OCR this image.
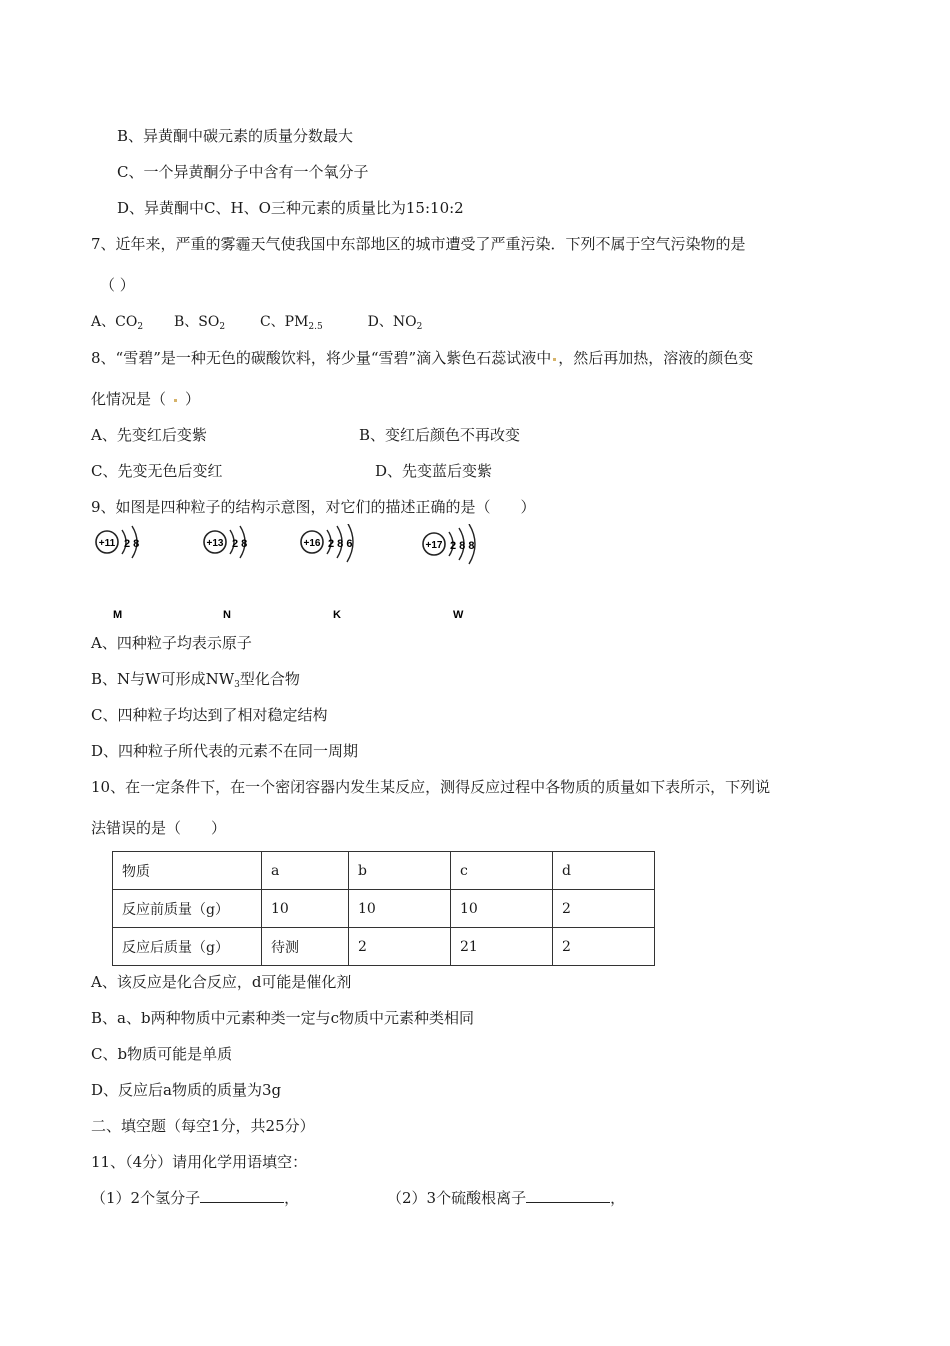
B、异黄酮中碳元素的质量分数最大
C、一个异黄酮分子中含有一个氧分子
D、异黄酮中C、H、O三种元素的质量比为15:10:2
7、近年来，严重的雾霾天气使我国中东部地区的城市遭受了严重污染．下列不属于空气污染物的是
（ ）
A、$CO_2$ B、$SO_2$ C、$PM_{2.5}$	D、$NO_2$
8、“雪碧”是一种无色的碳酸饮料，将少量“雪碧”滴入紫色石蕊试液中 ，然后再加热，溶液的颜色变
化情况是（ ）
A、先变红后变紫	B、变红后颜色不再改变
C、先变无色后变红	D、先变蓝后变紫
9、如图是四种粒子的结构示意图，对它们的描述正确的是（　　）
+11 2 8
M
+13 2 8
N
+16 2 8 6
K
+17 2 8 8
W
A、四种粒子均表示原子
B、N与W可形成$NW_3$型化合物
C、四种粒子均达到了相对稳定结构
D、四种粒子所代表的元素不在同一周期
10、在一定条件下，在一个密闭容器内发生某反应，测得反应过程中各物质的质量如下表所示，下列说
法错误的是（　　）
物质	a	b	c	d
反应前质量（g）	10	10	10	2
反应后质量（g）	待测	2	21	2
A、该反应是化合反应，d可能是催化剂
B、a、b两种物质中元素种类一定与c物质中元素种类相同
C、b物质可能是单质
D、反应后a物质的质量为3g
二、填空题（每空1分，共25分）
11、（4分）请用化学用语填空：
（1）2个氢分子	，	（2）3个硫酸根离子	，
